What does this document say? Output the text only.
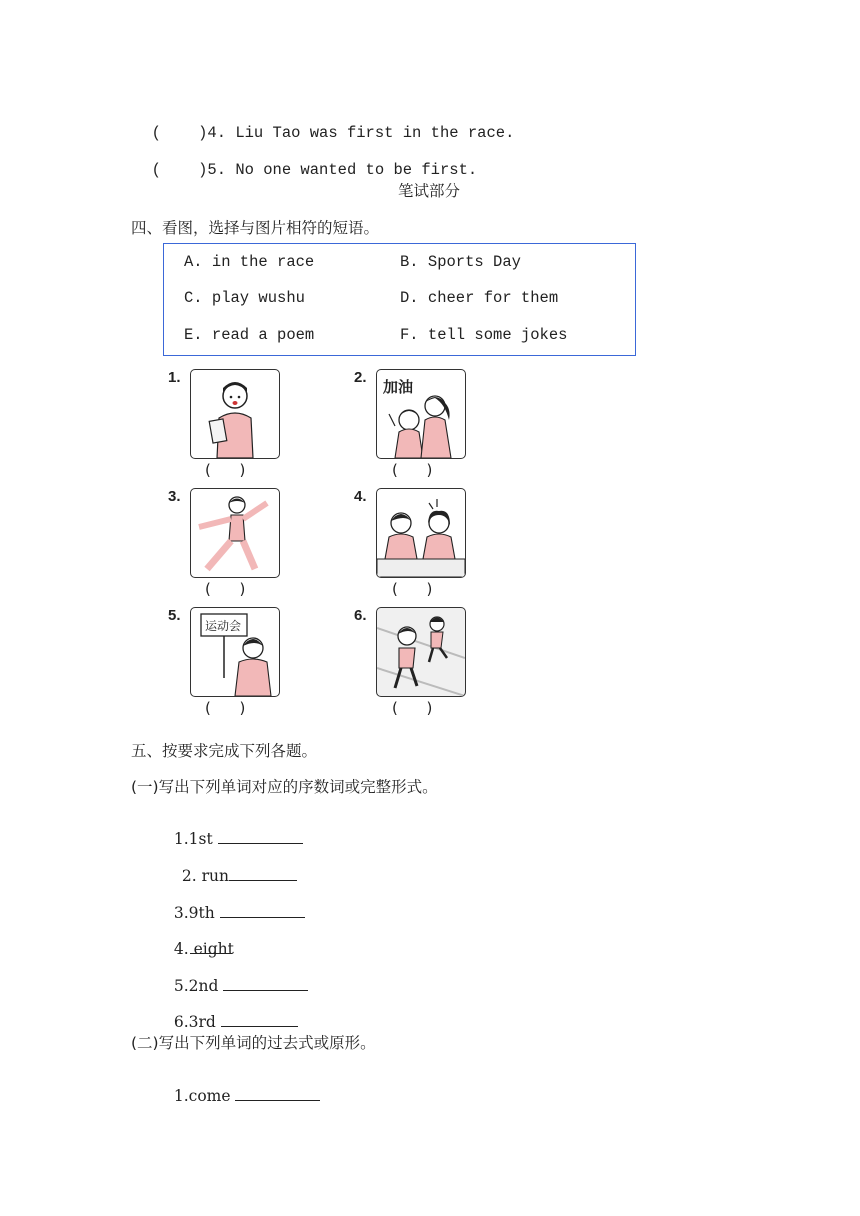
(    )4. Liu Tao was first in the race.

(    )5. No one wanted to be first.

笔试部分
四、看图，选择与图片相符的短语。
A. in the race	B. Sports Day
C. play wushu	D. cheer for them
E. read a poem	F. tell some jokes
1.
(      )
2.
加油
(      )
3.
(      )
4.
(      )
5.
运动会
(      )
6.
(      )
五、按要求完成下列各题。
(一)写出下列单词对应的序数词或完整形式。

1.1st

2. run

3.9th

4. eight

5.2nd

6.3rd

(二)写出下列单词的过去式或原形。

1.come
